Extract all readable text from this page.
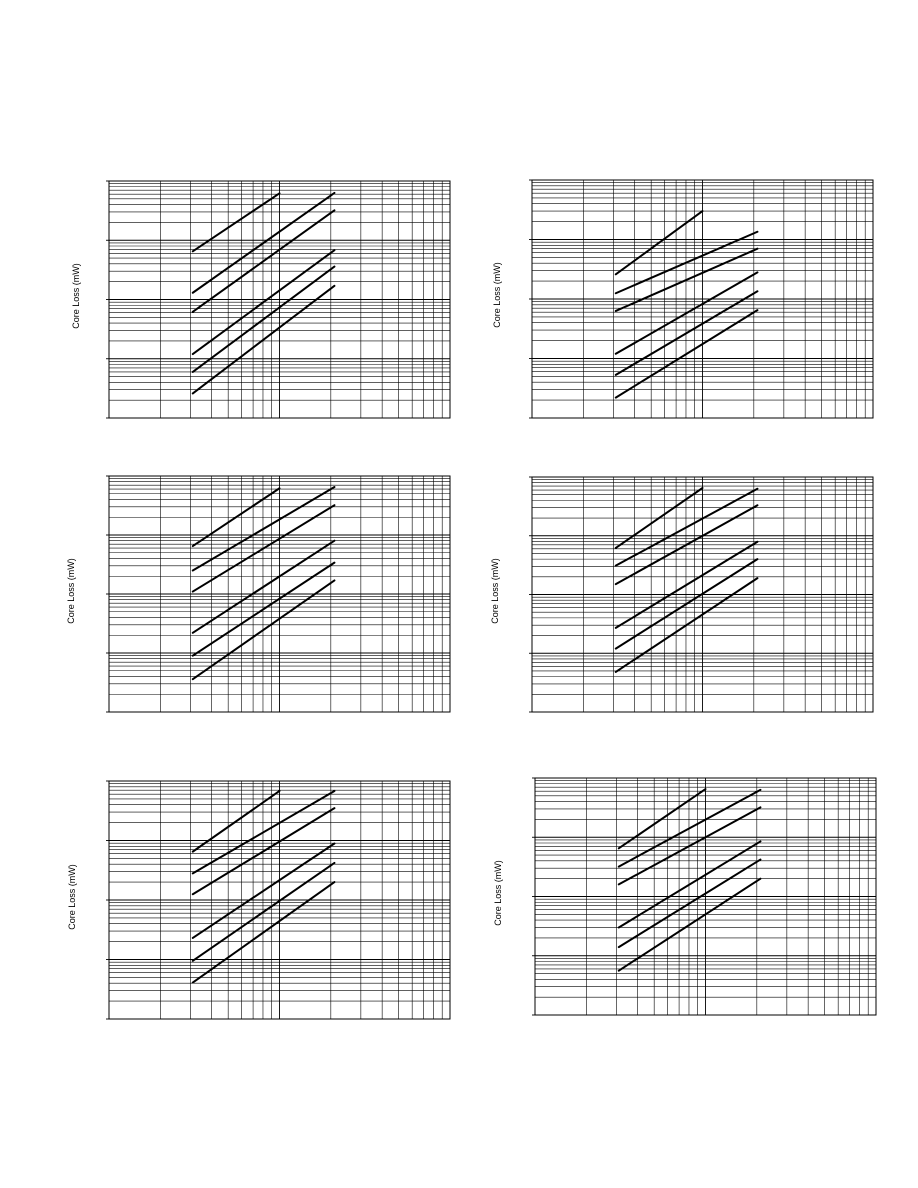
Core Loss (mW)	Core Loss (mW)
Core Loss (mW)	Core Loss (mW)
Core Loss (mW)	Core Loss (mW)
